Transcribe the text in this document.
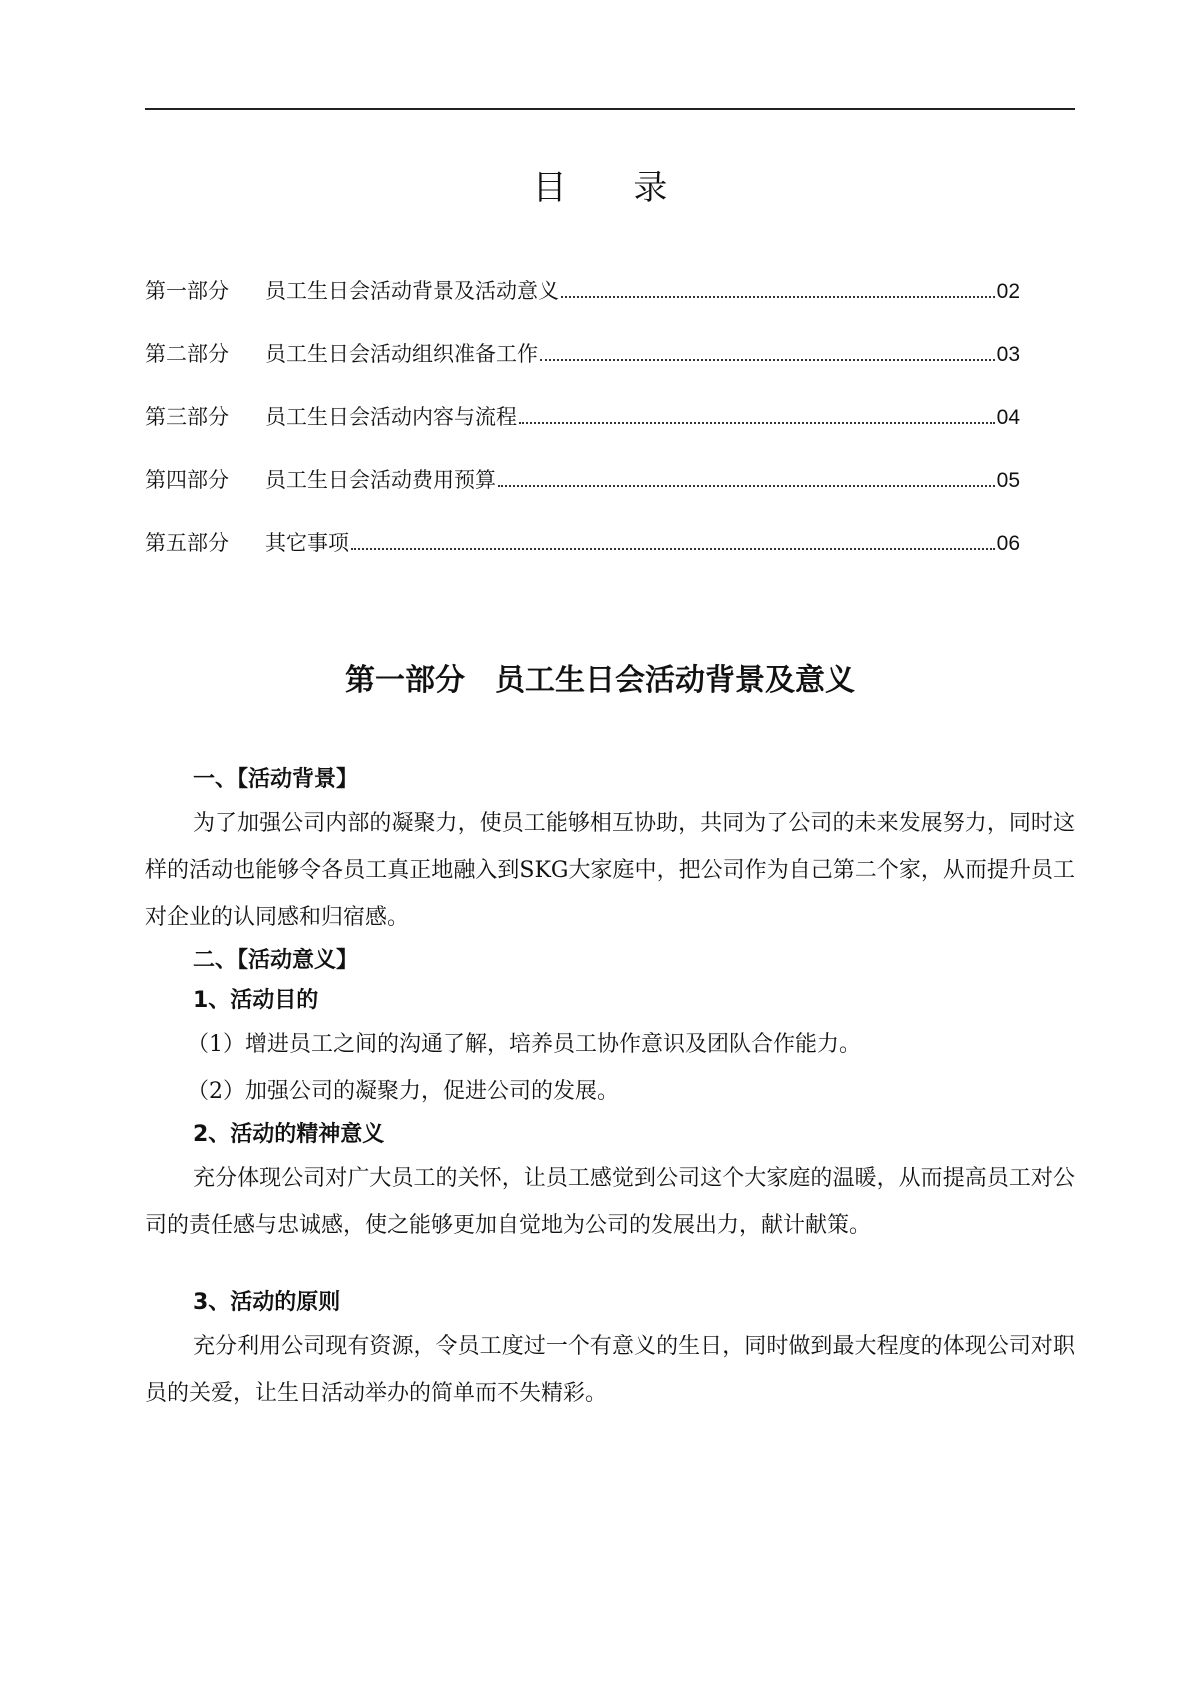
目 录
第一部分	员工生日会活动背景及活动意义	02
第二部分	员工生日会活动组织准备工作	03
第三部分	员工生日会活动内容与流程	04
第四部分	员工生日会活动费用预算	05
第五部分	其它事项	06
第一部分 员工生日会活动背景及意义
一、【活动背景】
为了加强公司内部的凝聚力，使员工能够相互协助，共同为了公司的未来发展努力，同时这样的活动也能够令各员工真正地融入到SKG大家庭中，把公司作为自己第二个家，从而提升员工对企业的认同感和归宿感。
二、【活动意义】
1、活动目的
（1）增进员工之间的沟通了解，培养员工协作意识及团队合作能力。
（2）加强公司的凝聚力，促进公司的发展。
2、活动的精神意义
充分体现公司对广大员工的关怀，让员工感觉到公司这个大家庭的温暖，从而提高员工对公司的责任感与忠诚感，使之能够更加自觉地为公司的发展出力，献计献策。
3、活动的原则
充分利用公司现有资源，令员工度过一个有意义的生日，同时做到最大程度的体现公司对职员的关爱，让生日活动举办的简单而不失精彩。
